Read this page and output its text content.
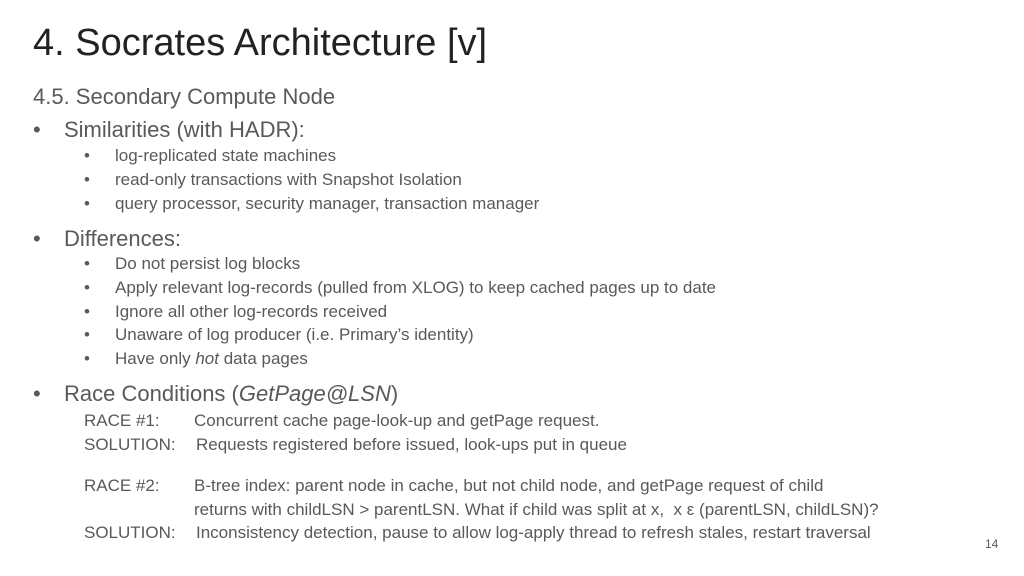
4. Socrates Architecture [v]
4.5. Secondary Compute Node
• Similarities (with HADR):
• log-replicated state machines
• read-only transactions with Snapshot Isolation
• query processor, security manager, transaction manager
• Differences:
• Do not persist log blocks
• Apply relevant log-records (pulled from XLOG) to keep cached pages up to date
• Ignore all other log-records received
• Unaware of log producer (i.e. Primary’s identity)
• Have only hot data pages
• Race Conditions (GetPage@LSN)
RACE #1: Concurrent cache page-look-up and getPage request.
SOLUTION: Requests registered before issued, look-ups put in queue
RACE #2: B-tree index: parent node in cache, but not child node, and getPage request of child
returns with childLSN > parentLSN. What if child was split at x,  x ε (parentLSN, childLSN)?
SOLUTION: Inconsistency detection, pause to allow log-apply thread to refresh stales, restart traversal
14
